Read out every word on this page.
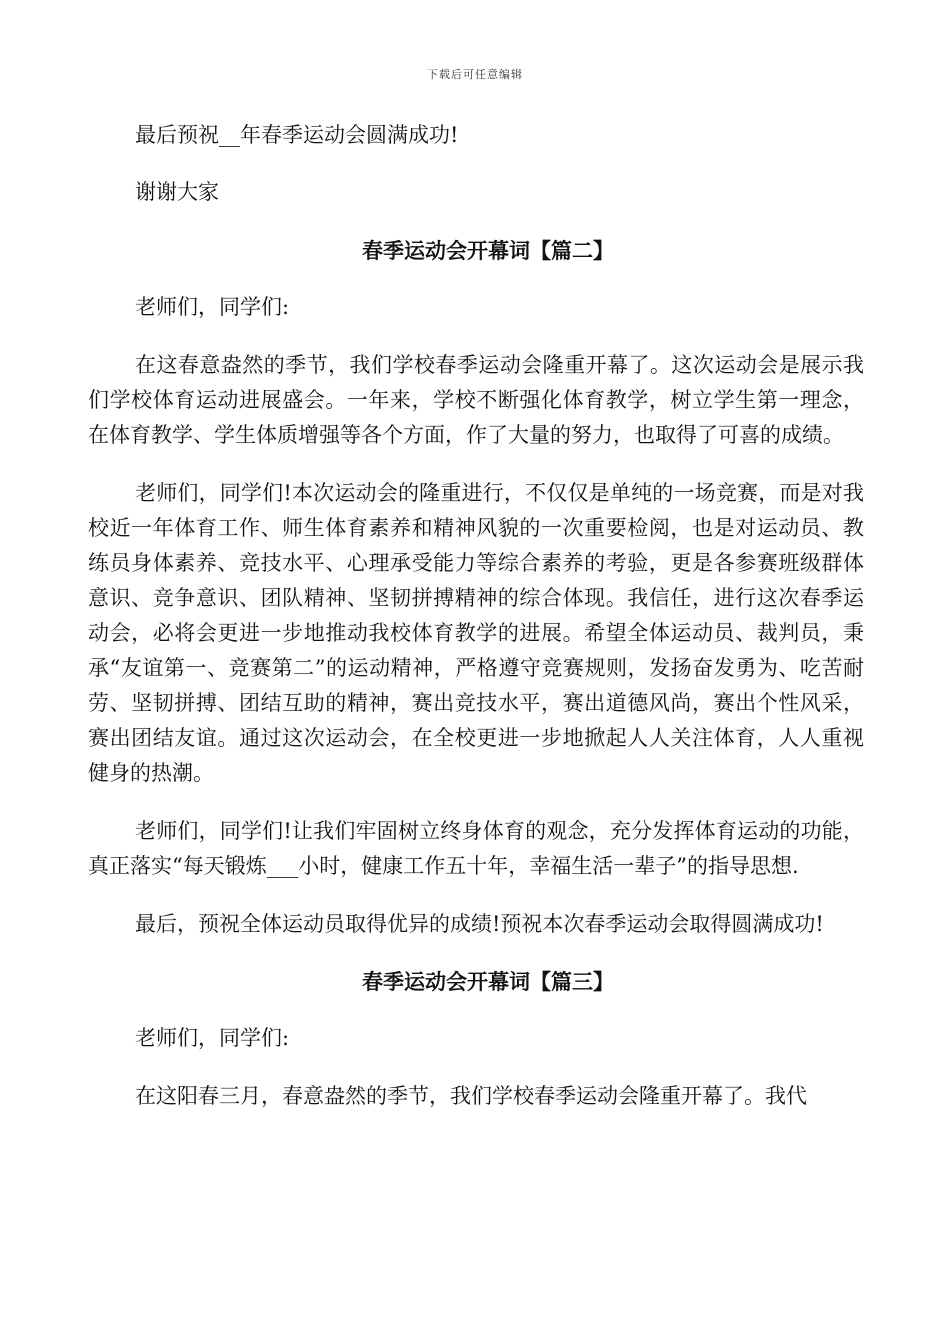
下载后可任意编辑

最后预祝__年春季运动会圆满成功!

谢谢大家

春季运动会开幕词【篇二】

老师们，同学们:

在这春意盎然的季节，我们学校春季运动会隆重开幕了。这次运动会是展示我们学校体育运动进展盛会。一年来，学校不断强化体育教学，树立学生第一理念，在体育教学、学生体质增强等各个方面，作了大量的努力，也取得了可喜的成绩。

老师们，同学们!本次运动会的隆重进行，不仅仅是单纯的一场竞赛，而是对我校近一年体育工作、师生体育素养和精神风貌的一次重要检阅，也是对运动员、教练员身体素养、竞技水平、心理承受能力等综合素养的考验，更是各参赛班级群体意识、竞争意识、团队精神、坚韧拼搏精神的综合体现。我信任，进行这次春季运动会，必将会更进一步地推动我校体育教学的进展。希望全体运动员、裁判员，秉承“友谊第一、竞赛第二”的运动精神，严格遵守竞赛规则，发扬奋发勇为、吃苦耐劳、坚韧拼搏、团结互助的精神，赛出竞技水平，赛出道德风尚，赛出个性风采，赛出团结友谊。通过这次运动会，在全校更进一步地掀起人人关注体育，人人重视健身的热潮。

老师们，同学们!让我们牢固树立终身体育的观念，充分发挥体育运动的功能，真正落实“每天锻炼___小时，健康工作五十年，幸福生活一辈子”的指导思想.

最后，预祝全体运动员取得优异的成绩!预祝本次春季运动会取得圆满成功!

春季运动会开幕词【篇三】

老师们，同学们:

在这阳春三月，春意盎然的季节，我们学校春季运动会隆重开幕了。我代
